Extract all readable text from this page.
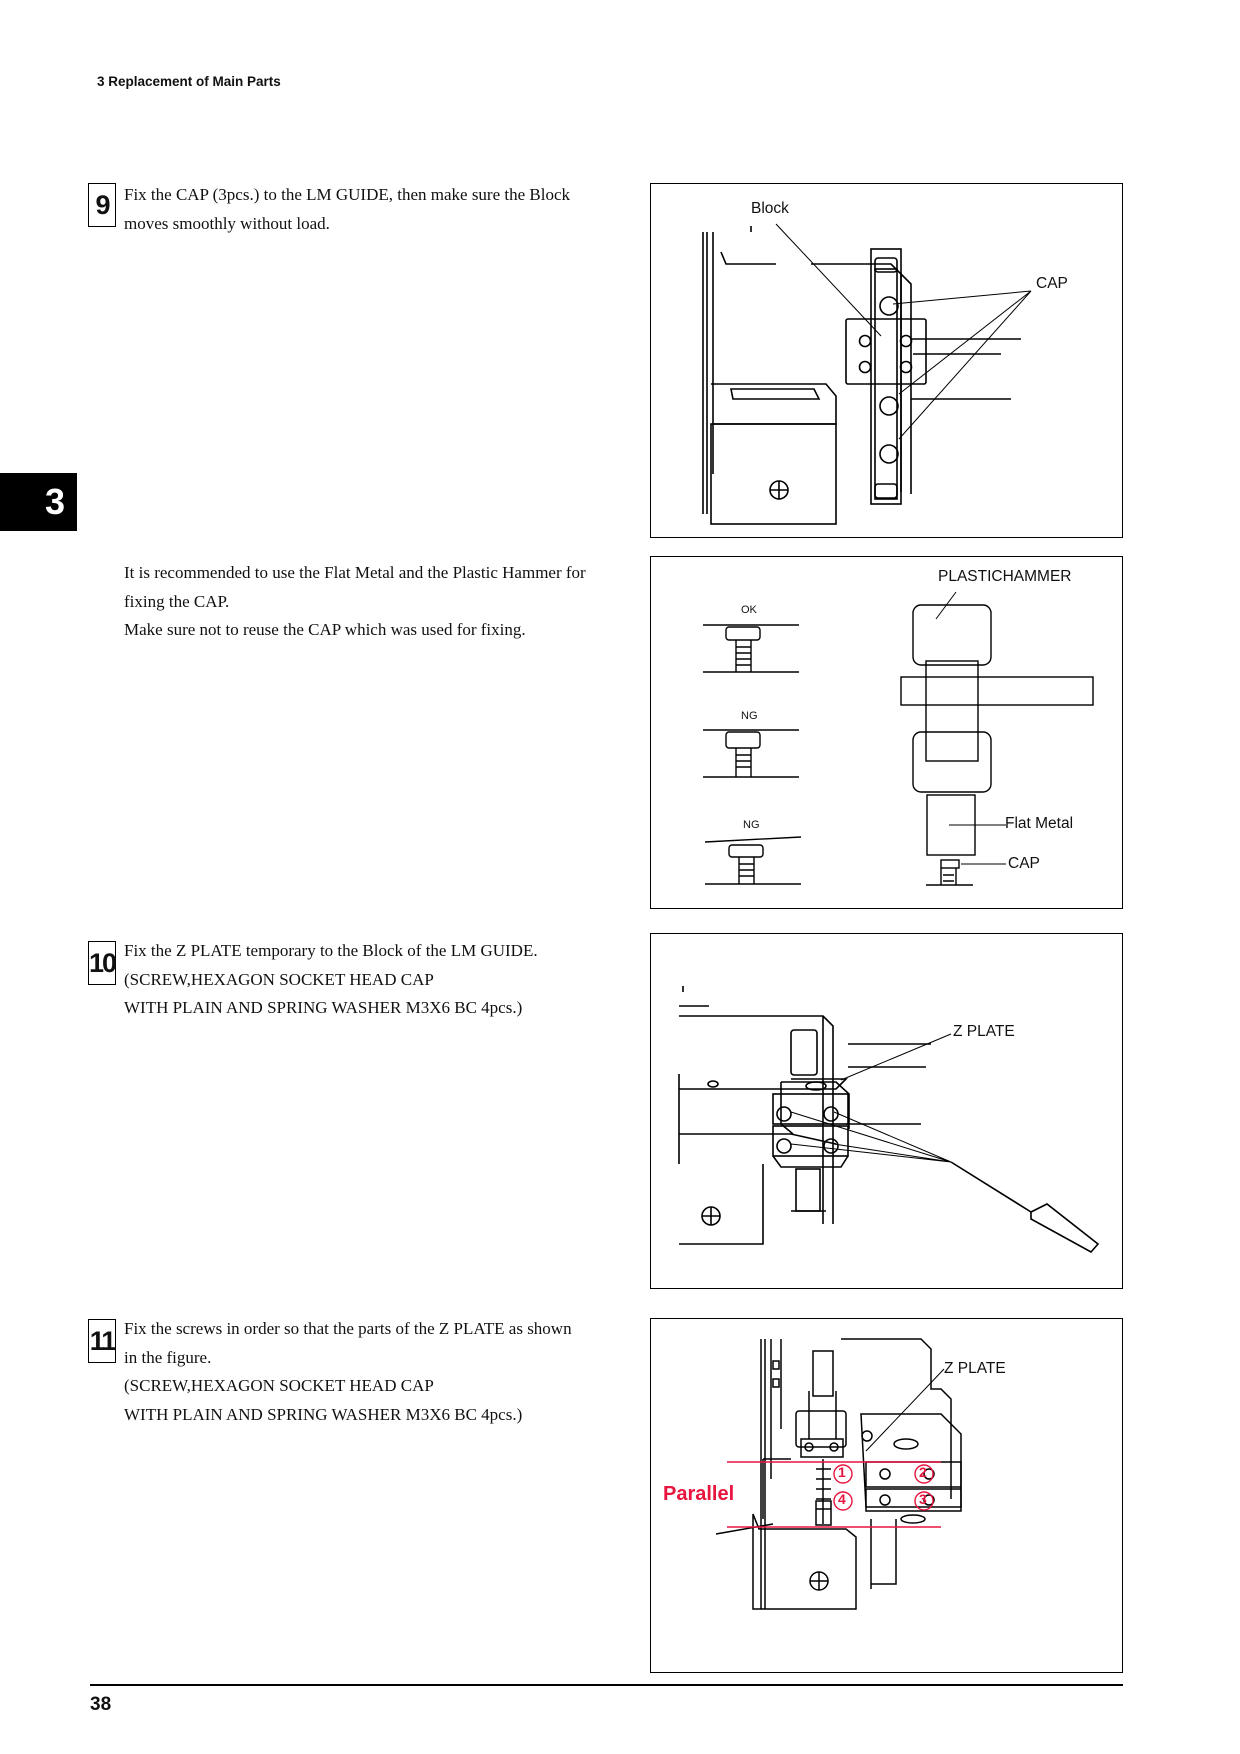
3 Replacement of Main Parts
3
9 Fix the CAP (3pcs.) to the LM GUIDE, then make sure the Block

moves smoothly without load.

Block
CAP

It is recommended to use the Flat Metal and the Plastic Hammer for

fixing the CAP.

Make sure not to reuse the CAP which was used for fixing.

OK
NG
NG
PLASTICHAMMER
Flat Metal
CAP
10 Fix the Z PLATE temporary to the Block of the LM GUIDE.

(SCREW,HEXAGON SOCKET HEAD CAP

WITH PLAIN AND SPRING WASHER M3X6 BC 4pcs.)

Z PLATE
11 Fix the screws in order so that the parts of the Z PLATE as shown

in the figure.

(SCREW,HEXAGON SOCKET HEAD CAP

WITH PLAIN AND SPRING WASHER M3X6 BC 4pcs.)

Z PLATE
Parallel
1	2
3
4
38
